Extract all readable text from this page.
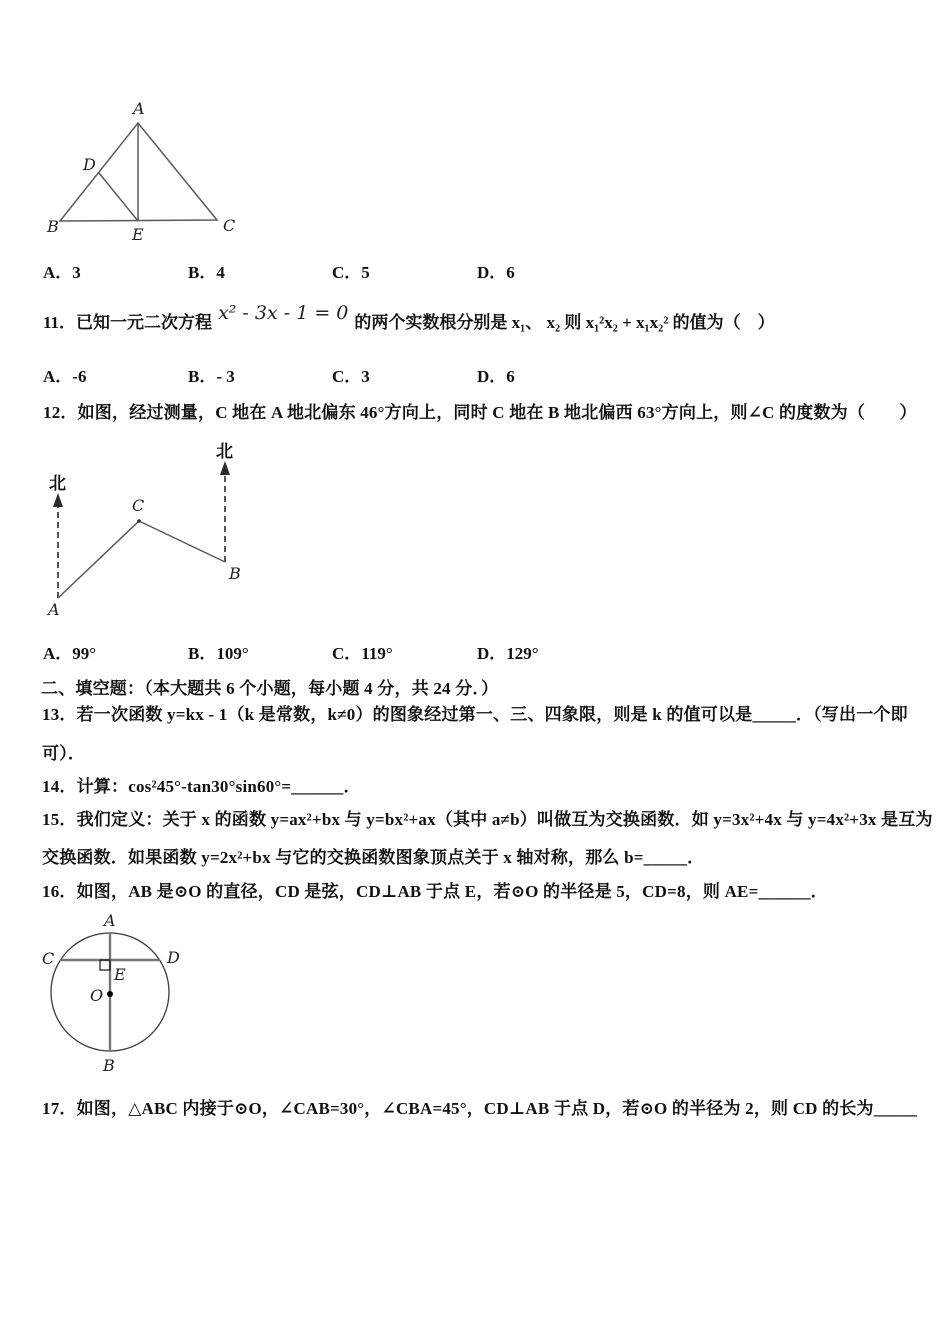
A
D
B	E	C
A．3	B．4	C．5	D．6
11．已知一元二次方程 x² - 3x - 1 = 0 的两个实数根分别是 x₁、 x₂ 则 x₁²x₂ + x₁x₂² 的值为（　）
A．-6	B．- 3	C．3	D．6
12．如图，经过测量，C 地在 A 地北偏东 46°方向上，同时 C 地在 B 地北偏西 63°方向上，则∠C 的度数为（　　）
北
北
C
A
B
A．99°	B．109°	C．119°	D．129°
二、填空题：（本大题共 6 个小题，每小题 4 分，共 24 分．）
13．若一次函数 y=kx - 1（k 是常数，k≠0）的图象经过第一、三、四象限，则是 k 的值可以是_____．（写出一个即
可）．
14．计算：cos²45°-tan30°sin60°=______．
15．我们定义：关于 x 的函数 y=ax²+bx 与 y=bx²+ax（其中 a≠b）叫做互为交换函数．如 y=3x²+4x 与 y=4x²+3x 是互为
交换函数．如果函数 y=2x²+bx 与它的交换函数图象顶点关于 x 轴对称，那么 b=_____．
16．如图，AB 是⊙O 的直径，CD 是弦，CD⊥AB 于点 E，若⊙O 的半径是 5，CD=8，则 AE=______．
A
C	D
E
O
B
17．如图，△ABC 内接于⊙O，∠CAB=30°，∠CBA=45°，CD⊥AB 于点 D，若⊙O 的半径为 2，则 CD 的长为_____
